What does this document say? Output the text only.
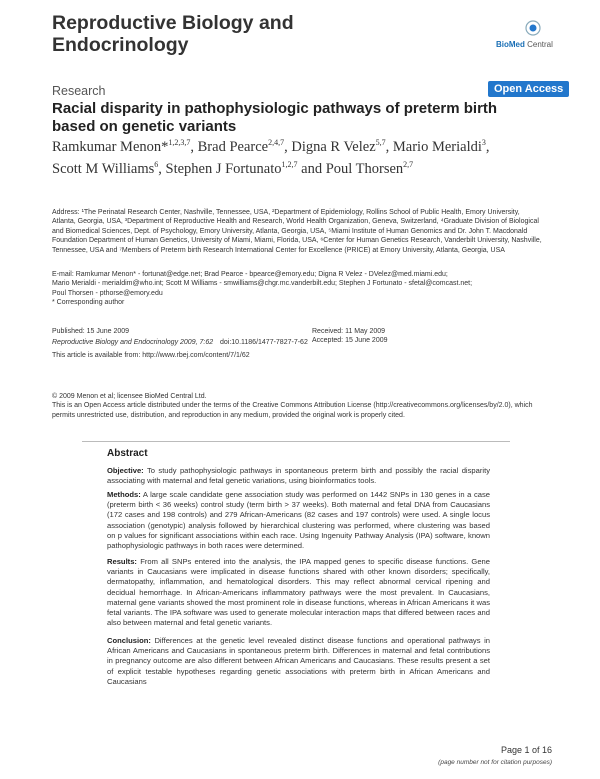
Reproductive Biology and Endocrinology	BioMed Central
Research	Open Access
Racial disparity in pathophysiologic pathways of preterm birth based on genetic variants
Ramkumar Menon*$^{1,2,3,7}$, Brad Pearce$^{2,4,7}$, Digna R Velez$^{5,7}$, Mario Merialdi$^3$, Scott M Williams$^6$, Stephen J Fortunato$^{1,2,7}$ and Poul Thorsen$^{2,7}$
Address: ¹The Perinatal Research Center, Nashville, Tennessee, USA, ²Department of Epidemiology, Rollins School of Public Health, Emory University, Atlanta, Georgia, USA, ³Department of Reproductive Health and Research, World Health Organization, Geneva, Switzerland, ⁴Graduate Division of Biological and Biomedical Sciences, Dept. of Psychology, Emory University, Atlanta, Georgia, USA, ⁵Miami Institute of Human Genomics and Dr. John T. Macdonald Foundation Department of Human Genetics, University of Miami, Miami, Florida, USA, ⁶Center for Human Genetics Research, Vanderbilt University, Nashville, Tennessee, USA and ⁷Members of Preterm birth Research International Center for Excellence (PRICE) at Emory University, Atlanta, Georgia, USA
E-mail: Ramkumar Menon* - fortunat@edge.net; Brad Pearce - bpearce@emory.edu; Digna R Velez - DVelez@med.miami.edu;
Mario Merialdi - merialdim@who.int; Scott M Williams - smwilliams@chgr.mc.vanderbilt.edu; Stephen J Fortunato - sfetal@comcast.net;
Poul Thorsen - pthorse@emory.edu
* Corresponding author
Published: 15 June 2009	Received: 11 May 2009
Reproductive Biology and Endocrinology 2009, 7:62 doi:10.1186/1477-7827-7-62 Accepted: 15 June 2009
This article is available from: http://www.rbej.com/content/7/1/62
© 2009 Menon et al; licensee BioMed Central Ltd.
This is an Open Access article distributed under the terms of the Creative Commons Attribution License (http://creativecommons.org/licenses/by/2.0), which permits unrestricted use, distribution, and reproduction in any medium, provided the original work is properly cited.
Abstract
Objective: To study pathophysiologic pathways in spontaneous preterm birth and possibly the racial disparity associating with maternal and fetal genetic variations, using bioinformatics tools.
Methods: A large scale candidate gene association study was performed on 1442 SNPs in 130 genes in a case (preterm birth < 36 weeks) control study (term birth > 37 weeks). Both maternal and fetal DNA from Caucasians (172 cases and 198 controls) and 279 African-Americans (82 cases and 197 controls) were used. A single locus association (genotypic) analysis followed by hierarchical clustering was performed, where clustering was based on p values for significant associations within each race. Using Ingenuity Pathway Analysis (IPA) software, known pathophysiologic pathways in both races were determined.
Results: From all SNPs entered into the analysis, the IPA mapped genes to specific disease functions. Gene variants in Caucasians were implicated in disease functions shared with other known disorders; specifically, dermatopathy, inflammation, and hematological disorders. This may reflect abnormal cervical ripening and decidual hemorrhage. In African-Americans inflammatory pathways were the most prevalent. In Caucasians, maternal gene variants showed the most prominent role in disease functions, whereas in African Americans it was fetal variants. The IPA software was used to generate molecular interaction maps that differed between races and also between maternal and fetal genetic variants.
Conclusion: Differences at the genetic level revealed distinct disease functions and operational pathways in African Americans and Caucasians in spontaneous preterm birth. Differences in maternal and fetal contributions in pregnancy outcome are also different between African Americans and Caucasians. These results present a set of explicit testable hypotheses regarding genetic associations with preterm birth in African Americans and Caucasians
Page 1 of 16
(page number not for citation purposes)
